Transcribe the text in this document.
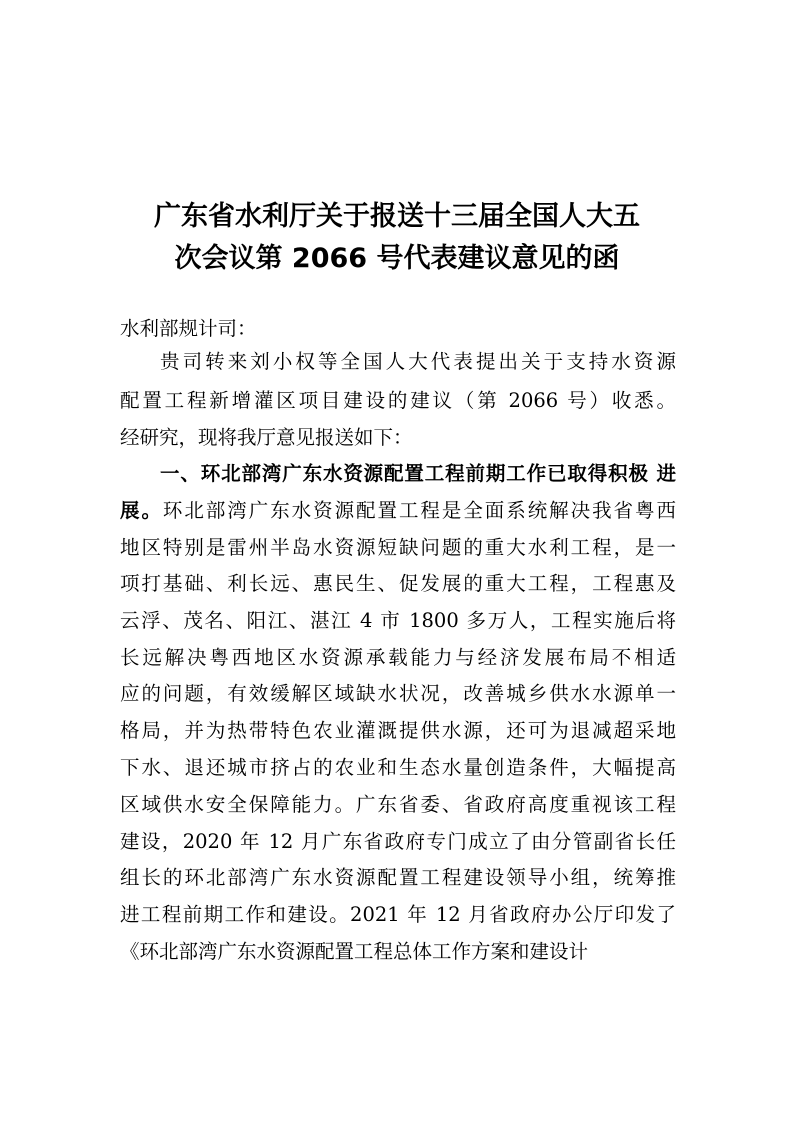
广东省水利厅关于报送十三届全国人大五
次会议第 2066 号代表建议意见的函
水利部规计司：
贵司转来刘小权等全国人大代表提出关于支持水资源
配置工程新增灌区项目建设的建议（第 2066 号）收悉。
经研究，现将我厅意见报送如下：
一、环北部湾广东水资源配置工程前期工作已取得积极 进
展。环北部湾广东水资源配置工程是全面系统解决我省粤西
地区特别是雷州半岛水资源短缺问题的重大水利工程，是一
项打基础、利长远、惠民生、促发展的重大工程，工程惠及
云浮、茂名、阳江、湛江 4 市 1800 多万人，工程实施后将
长远解决粤西地区水资源承载能力与经济发展布局不相适
应的问题，有效缓解区域缺水状况，改善城乡供水水源单一
格局，并为热带特色农业灌溉提供水源，还可为退减超采地
下水、退还城市挤占的农业和生态水量创造条件，大幅提高
区域供水安全保障能力。广东省委、省政府高度重视该工程
建设，2020 年 12 月广东省政府专门成立了由分管副省长任
组长的环北部湾广东水资源配置工程建设领导小组，统筹推
进工程前期工作和建设。2021 年 12 月省政府办公厅印发了
《环北部湾广东水资源配置工程总体工作方案和建设计
